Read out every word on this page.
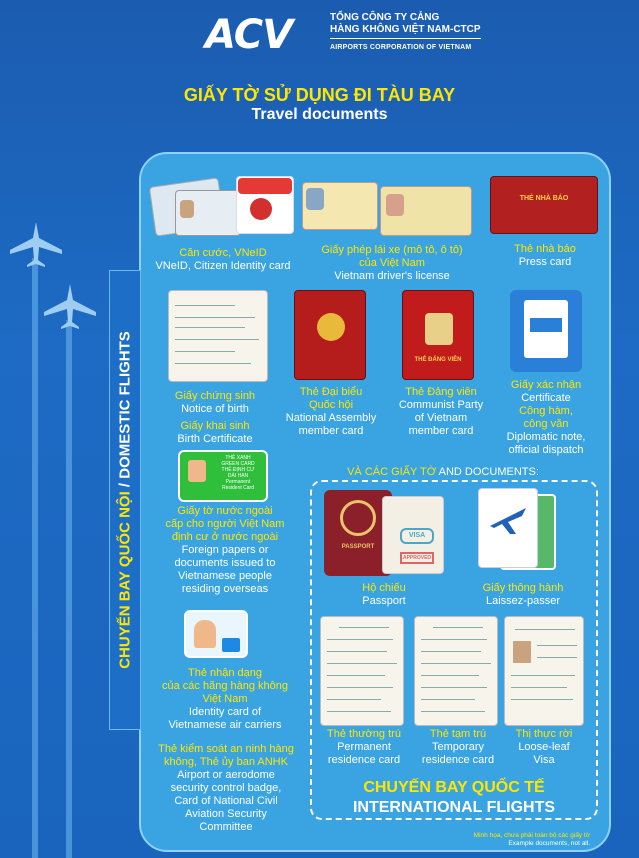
ACV	TỔNG CÔNG TY CẢNG
HÀNG KHÔNG VIỆT NAM-CTCP
AIRPORTS CORPORATION OF VIETNAM
GIẤY TỜ SỬ DỤNG ĐI TÀU BAY
Travel documents
CHUYẾN BAY QUỐC NỘI / DOMESTIC FLIGHTS
Căn cước, VNeID
VNeID, Citizen Identity card
Giấy phép lái xe (mô tô, ô tô)
của Việt Nam
Vietnam driver's license
THẺ NHÀ BÁO
Thẻ nhà báo
Press card
Giấy chứng sinh
Notice of birth
Giấy khai sinh
Birth Certificate
Thẻ Đại biểu
Quốc hội
National Assembly
member card
THẺ ĐẢNG VIÊN
Thẻ Đảng viên
Communist Party
of Vietnam
member card
Giấy xác nhận
Certificate
Công hàm,
công văn
Diplomatic note,
official dispatch
THẺ XANH
GREEN CARD
THẺ ĐỊNH CƯ
DÀI HẠN
Permanent
Resident Card
Giấy tờ nước ngoài
cấp cho người Việt Nam
định cư ở nước ngoài
Foreign papers or
documents issued to
Vietnamese people
residing overseas
Thẻ nhận dạng
của các hãng hàng không
Việt Nam
Identity card of
Vietnamese air carriers
Thẻ kiểm soát an ninh hàng
không, Thẻ ủy ban ANHK
Airport or aerodome
security control badge,
Card of National Civil
Aviation Security
Committee
VÀ CÁC GIẤY TỜ AND DOCUMENTS:
PASSPORT
VISA
APPROVED
Hộ chiếu
Passport
Giấy thông hành
Laissez-passer
Thẻ thường trú
Permanent
residence card
Thẻ tạm trú
Temporary
residence card
Thị thực rời
Loose-leaf
Visa
CHUYẾN BAY QUỐC TẾ
INTERNATIONAL FLIGHTS
Minh họa, chưa phải toàn bộ các giấy tờ
Example documents, not all.
